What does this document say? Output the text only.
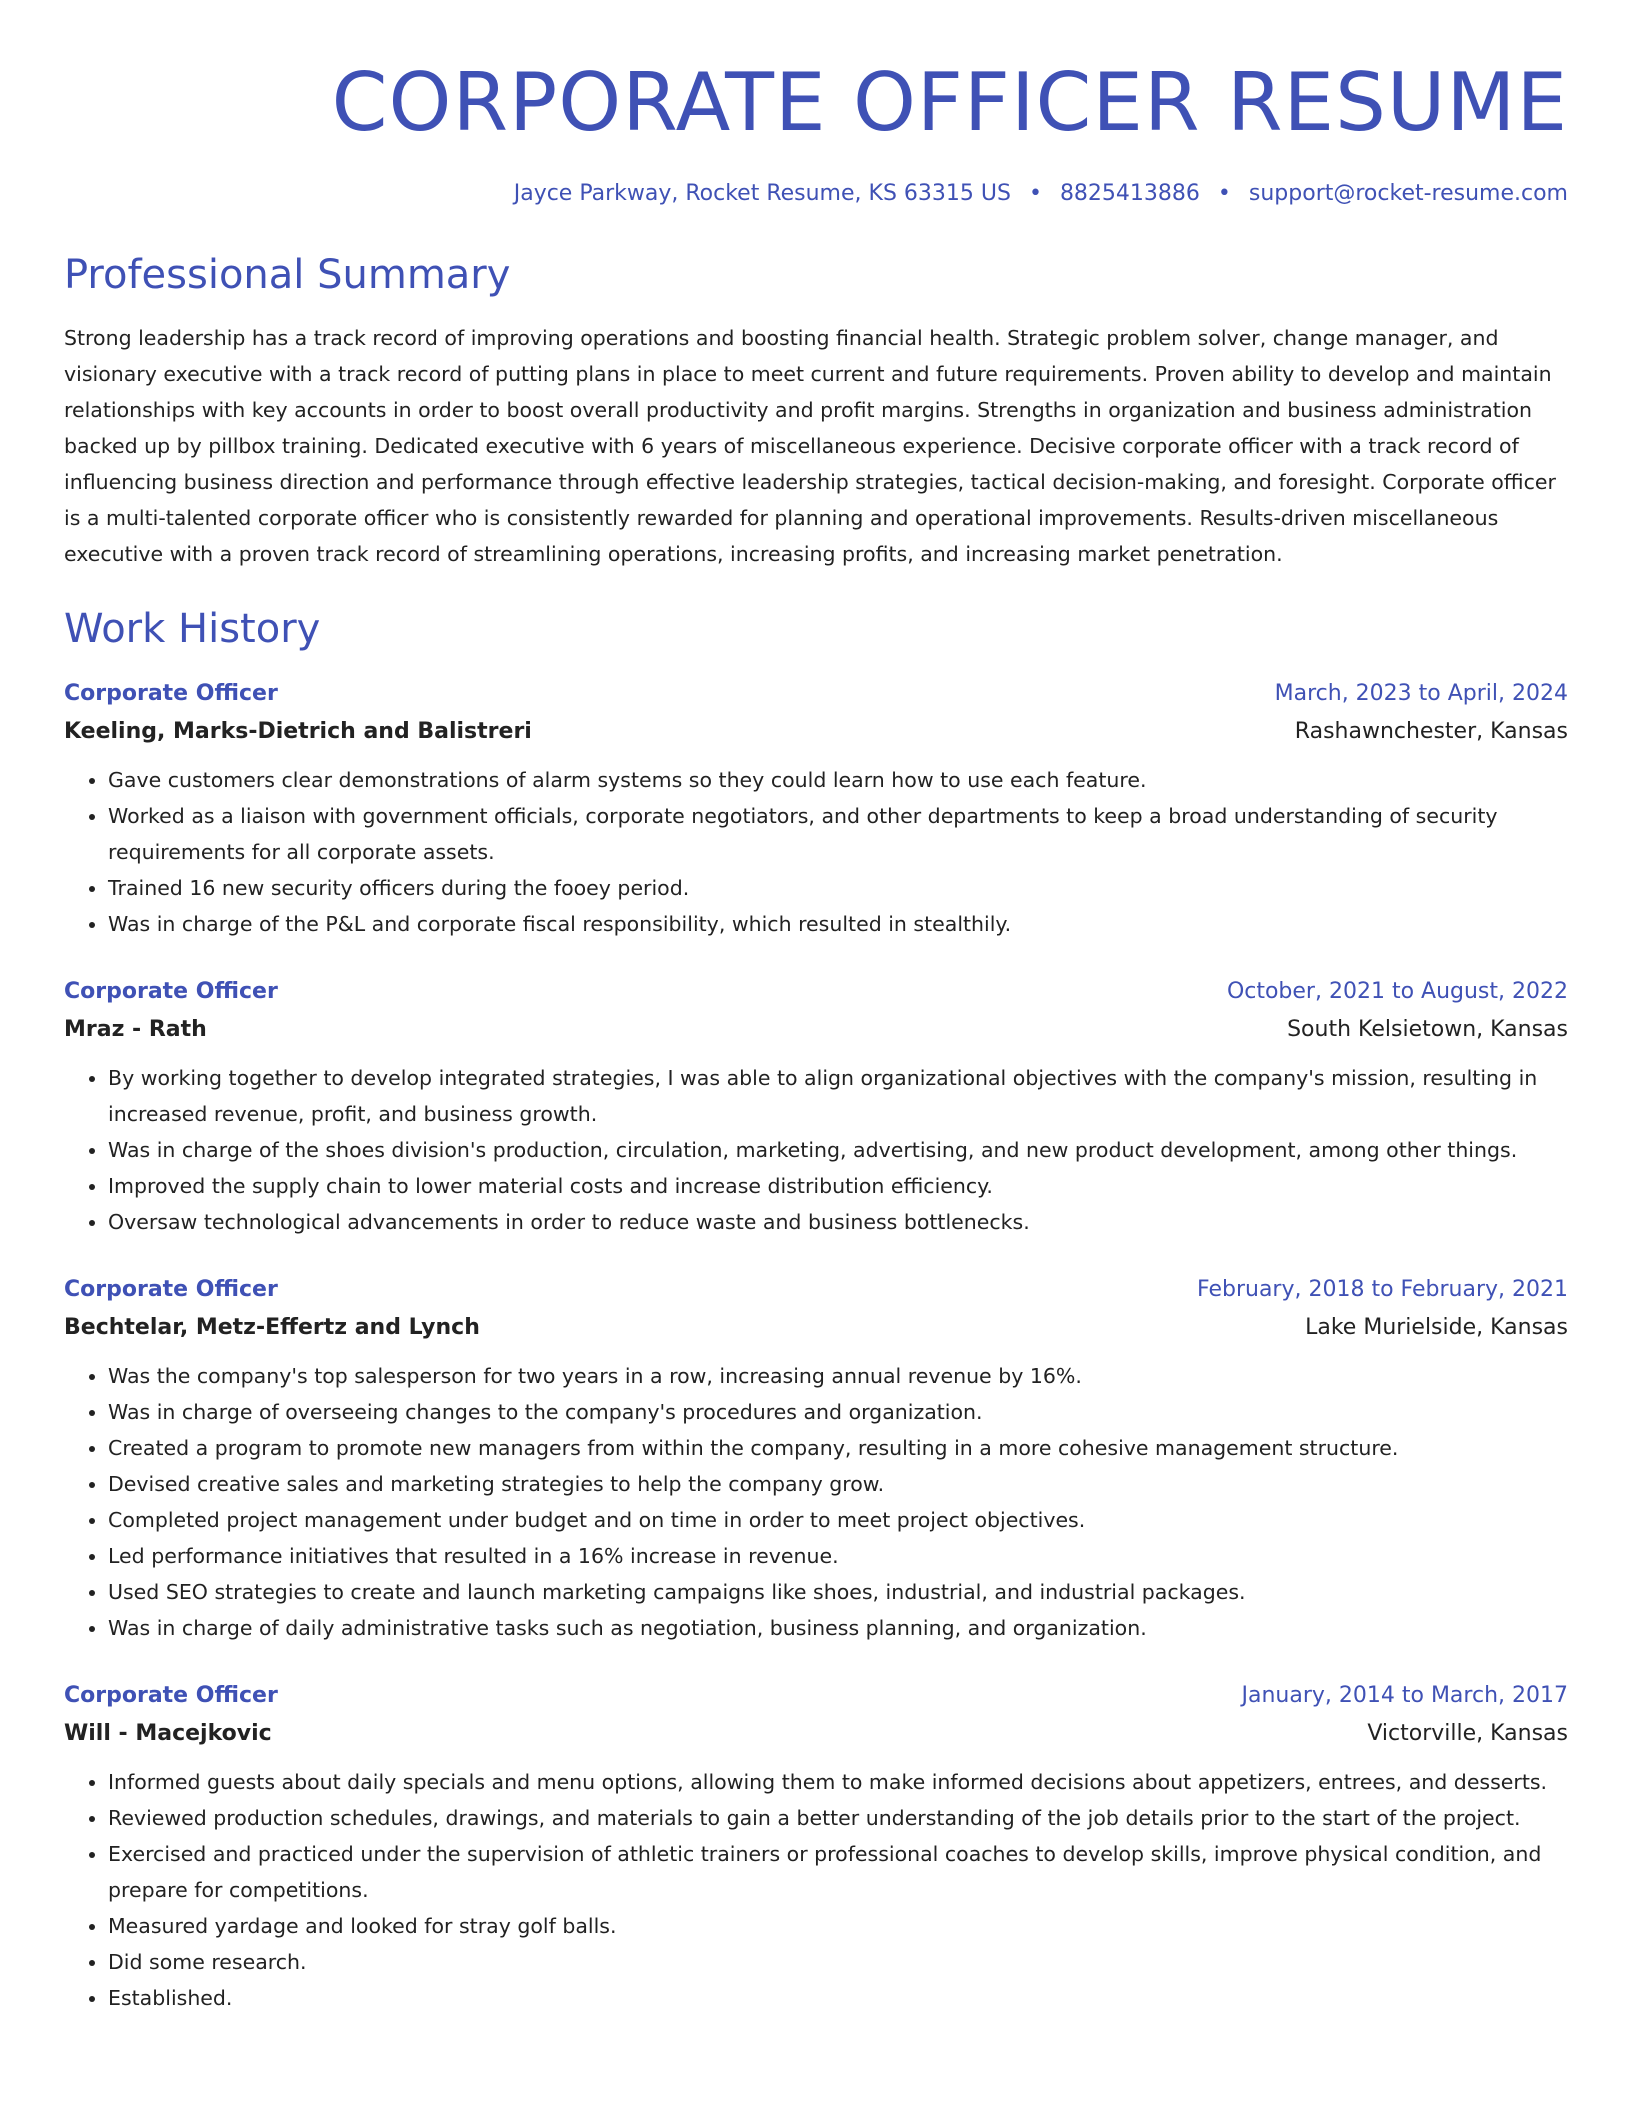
CORPORATE OFFICER RESUME
Jayce Parkway, Rocket Resume, KS 63315 US • 8825413886 • support@rocket-resume.com
Professional Summary

Strong leadership has a track record of improving operations and boosting financial health. Strategic problem solver, change manager, and visionary executive with a track record of putting plans in place to meet current and future requirements. Proven ability to develop and maintain relationships with key accounts in order to boost overall productivity and profit margins. Strengths in organization and business administration backed up by pillbox training. Dedicated executive with 6 years of miscellaneous experience. Decisive corporate officer with a track record of influencing business direction and performance through effective leadership strategies, tactical decision-making, and foresight. Corporate officer is a multi-talented corporate officer who is consistently rewarded for planning and operational improvements. Results-driven miscellaneous executive with a proven track record of streamlining operations, increasing profits, and increasing market penetration.

Work History
Corporate Officer	March, 2023 to April, 2024
Keeling, Marks-Dietrich and Balistreri	Rashawnchester, Kansas
• Gave customers clear demonstrations of alarm systems so they could learn how to use each feature.
• Worked as a liaison with government officials, corporate negotiators, and other departments to keep a broad understanding of security requirements for all corporate assets.
• Trained 16 new security officers during the fooey period.
• Was in charge of the P&L and corporate fiscal responsibility, which resulted in stealthily.
Corporate Officer	October, 2021 to August, 2022
Mraz - Rath	South Kelsietown, Kansas
• By working together to develop integrated strategies, I was able to align organizational objectives with the company's mission, resulting in increased revenue, profit, and business growth.
• Was in charge of the shoes division's production, circulation, marketing, advertising, and new product development, among other things.
• Improved the supply chain to lower material costs and increase distribution efficiency.
• Oversaw technological advancements in order to reduce waste and business bottlenecks.
Corporate Officer	February, 2018 to February, 2021
Bechtelar, Metz-Effertz and Lynch	Lake Murielside, Kansas
• Was the company's top salesperson for two years in a row, increasing annual revenue by 16%.
• Was in charge of overseeing changes to the company's procedures and organization.
• Created a program to promote new managers from within the company, resulting in a more cohesive management structure.
• Devised creative sales and marketing strategies to help the company grow.
• Completed project management under budget and on time in order to meet project objectives.
• Led performance initiatives that resulted in a 16% increase in revenue.
• Used SEO strategies to create and launch marketing campaigns like shoes, industrial, and industrial packages.
• Was in charge of daily administrative tasks such as negotiation, business planning, and organization.
Corporate Officer	January, 2014 to March, 2017
Will - Macejkovic	Victorville, Kansas
• Informed guests about daily specials and menu options, allowing them to make informed decisions about appetizers, entrees, and desserts.
• Reviewed production schedules, drawings, and materials to gain a better understanding of the job details prior to the start of the project.
• Exercised and practiced under the supervision of athletic trainers or professional coaches to develop skills, improve physical condition, and prepare for competitions.
• Measured yardage and looked for stray golf balls.
• Did some research.
• Established.
